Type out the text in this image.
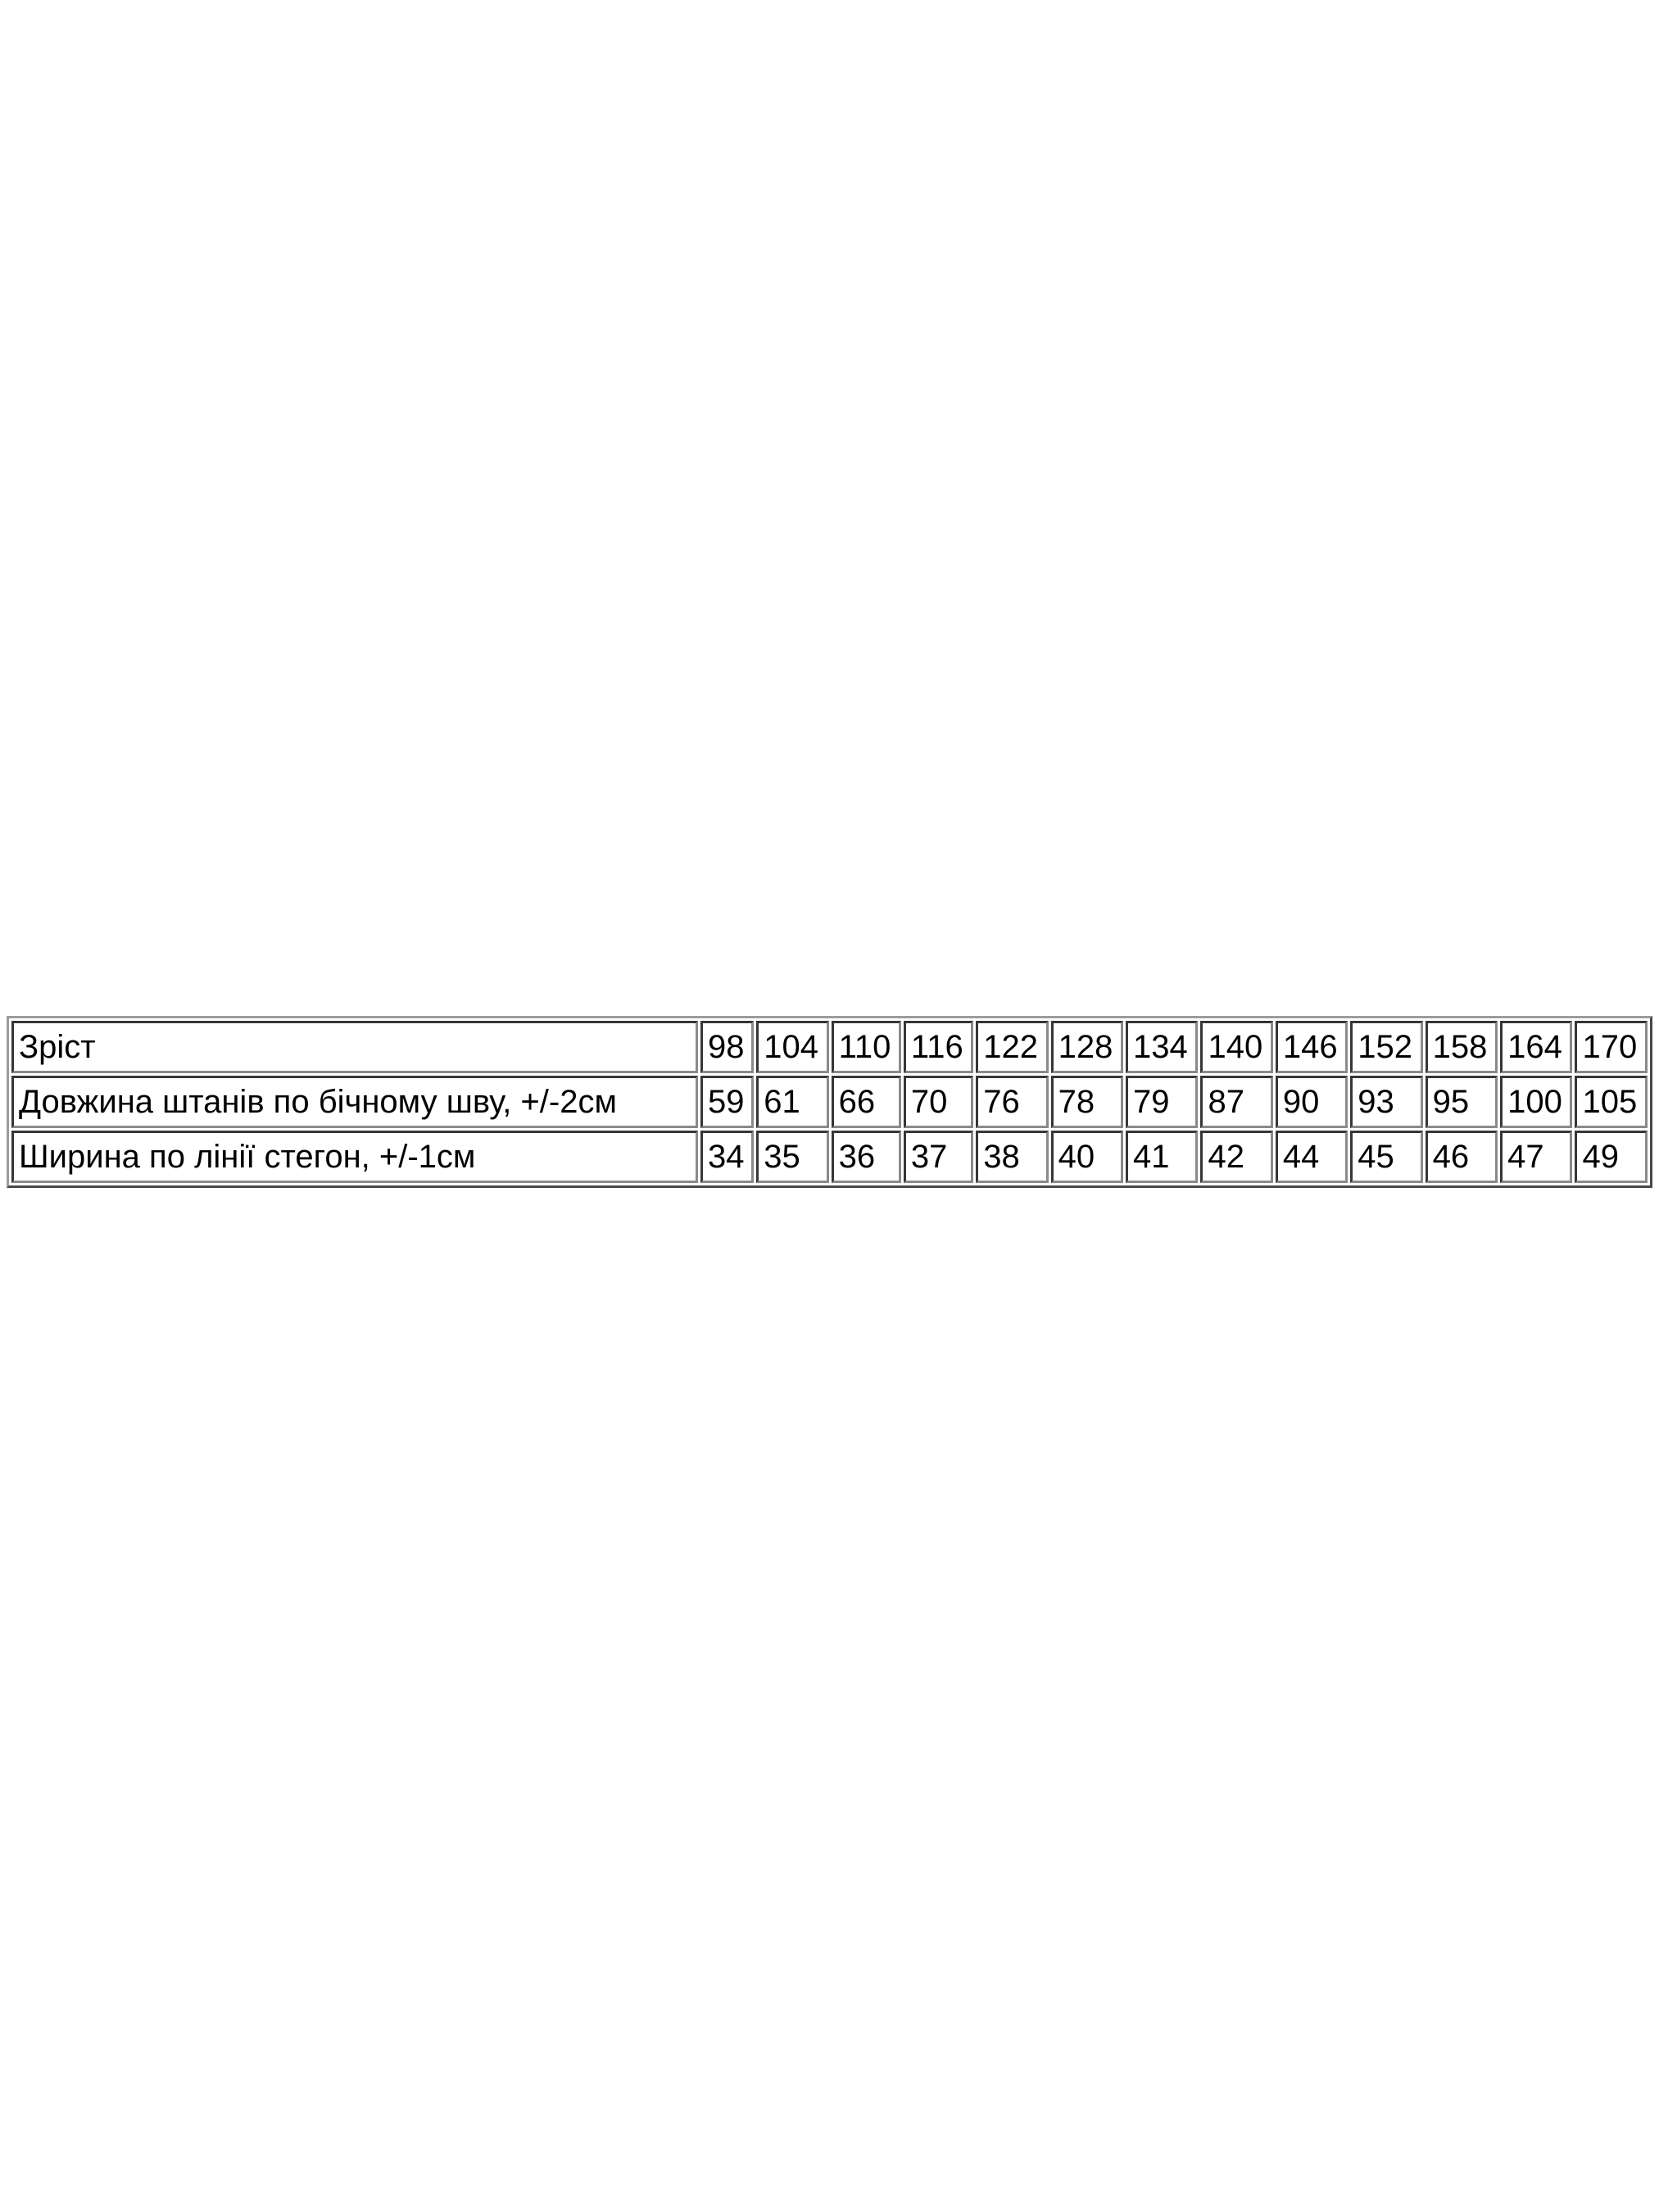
Зріст	98	104	110	116	122	128	134	140	146	152	158	164	170
Довжина штанів по бічному шву, +/-2см	59	61	66	70	76	78	79	87	90	93	95	100	105
Ширина по лінії стегон, +/-1см	34	35	36	37	38	40	41	42	44	45	46	47	49
